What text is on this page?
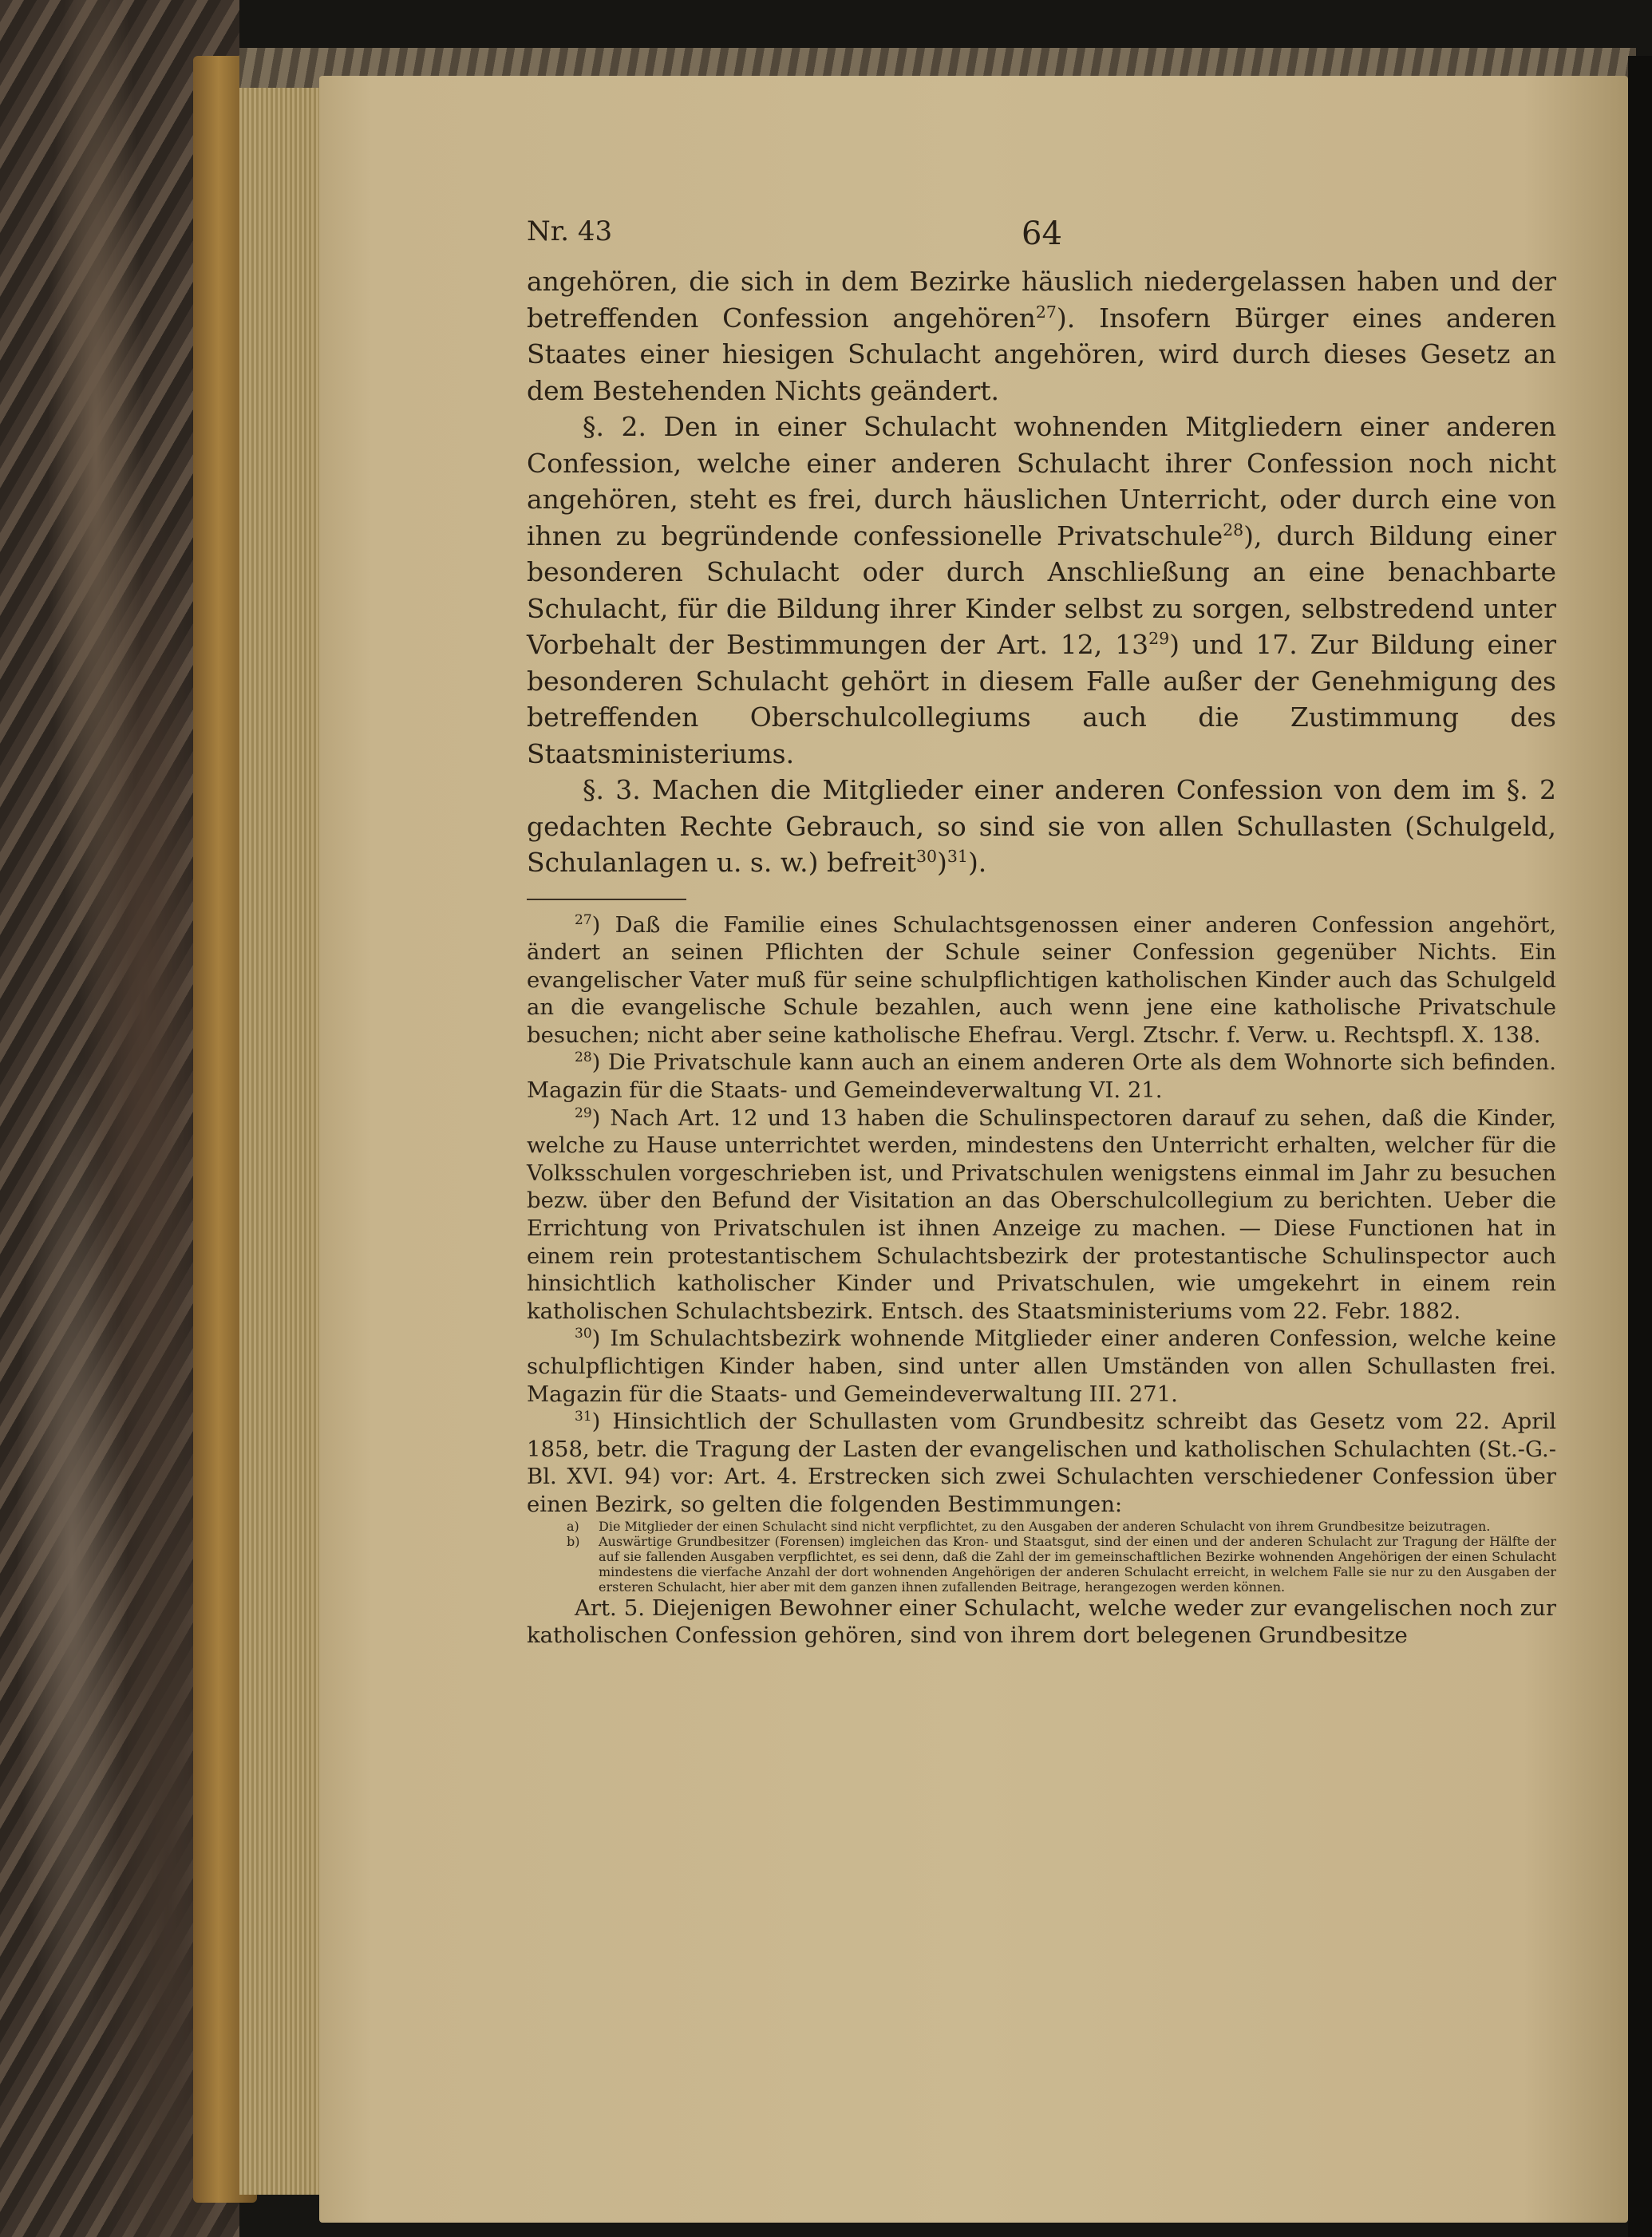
Nr. 43	64

angehören, die sich in dem Bezirke häuslich niedergelassen haben und der betreffenden Confession angehören$^{27}$). Insofern Bürger eines anderen Staates einer hiesigen Schulacht angehören, wird durch dieses Gesetz an dem Bestehenden Nichts geändert.

§. 2. Den in einer Schulacht wohnenden Mitgliedern einer anderen Confession, welche einer anderen Schulacht ihrer Confession noch nicht angehören, steht es frei, durch häuslichen Unterricht, oder durch eine von ihnen zu begründende confessionelle Privatschule$^{28}$), durch Bildung einer besonderen Schulacht oder durch Anschließung an eine benachbarte Schulacht, für die Bildung ihrer Kinder selbst zu sorgen, selbstredend unter Vorbehalt der Bestimmungen der Art. 12, $13^{29}$) und 17. Zur Bildung einer besonderen Schulacht gehört in diesem Falle außer der Genehmigung des betreffenden Oberschulcollegiums auch die Zustimmung des Staatsministeriums.

§. 3. Machen die Mitglieder einer anderen Confession von dem im §. 2 gedachten Rechte Gebrauch, so sind sie von allen Schullasten (Schulgeld, Schulanlagen u. s. w.) befreit$^{30}$)$^{31}$).

$^{27}$) Daß die Familie eines Schulachtsgenossen einer anderen Confession angehört, ändert an seinen Pflichten der Schule seiner Confession gegenüber Nichts. Ein evangelischer Vater muß für seine schulpflichtigen katholischen Kinder auch das Schulgeld an die evangelische Schule bezahlen, auch wenn jene eine katholische Privatschule besuchen; nicht aber seine katholische Ehefrau. Vergl. Ztschr. f. Verw. u. Rechtspfl. X. 138.

$^{28}$) Die Privatschule kann auch an einem anderen Orte als dem Wohnorte sich befinden. Magazin für die Staats- und Gemeindeverwaltung VI. 21.

$^{29}$) Nach Art. 12 und 13 haben die Schulinspectoren darauf zu sehen, daß die Kinder, welche zu Hause unterrichtet werden, mindestens den Unterricht erhalten, welcher für die Volksschulen vorgeschrieben ist, und Privatschulen wenigstens einmal im Jahr zu besuchen bezw. über den Befund der Visitation an das Oberschulcollegium zu berichten. Ueber die Errichtung von Privatschulen ist ihnen Anzeige zu machen. — Diese Functionen hat in einem rein protestantischem Schulachtsbezirk der protestantische Schulinspector auch hinsichtlich katholischer Kinder und Privatschulen, wie umgekehrt in einem rein katholischen Schulachtsbezirk. Entsch. des Staatsministeriums vom 22. Febr. 1882.

$^{30}$) Im Schulachtsbezirk wohnende Mitglieder einer anderen Confession, welche keine schulpflichtigen Kinder haben, sind unter allen Umständen von allen Schullasten frei. Magazin für die Staats- und Gemeindeverwaltung III. 271.

$^{31}$) Hinsichtlich der Schullasten vom Grundbesitz schreibt das Gesetz vom 22. April 1858, betr. die Tragung der Lasten der evangelischen und katholischen Schulachten (St.-G.-Bl. XVI. 94) vor: Art. 4. Erstrecken sich zwei Schulachten verschiedener Confession über einen Bezirk, so gelten die folgenden Bestimmungen:

a)	Die Mitglieder der einen Schulacht sind nicht verpflichtet, zu den Ausgaben der anderen Schulacht von ihrem Grundbesitze beizutragen.
b)	Auswärtige Grundbesitzer (Forensen) imgleichen das Kron- und Staatsgut, sind der einen und der anderen Schulacht zur Tragung der Hälfte der auf sie fallenden Ausgaben verpflichtet, es sei denn, daß die Zahl der im gemeinschaftlichen Bezirke wohnenden Angehörigen der einen Schulacht mindestens die vierfache Anzahl der dort wohnenden Angehörigen der anderen Schulacht erreicht, in welchem Falle sie nur zu den Ausgaben der ersteren Schulacht, hier aber mit dem ganzen ihnen zufallenden Beitrage, herangezogen werden können.

Art. 5. Diejenigen Bewohner einer Schulacht, welche weder zur evangelischen noch zur katholischen Confession gehören, sind von ihrem dort belegenen Grundbesitze
